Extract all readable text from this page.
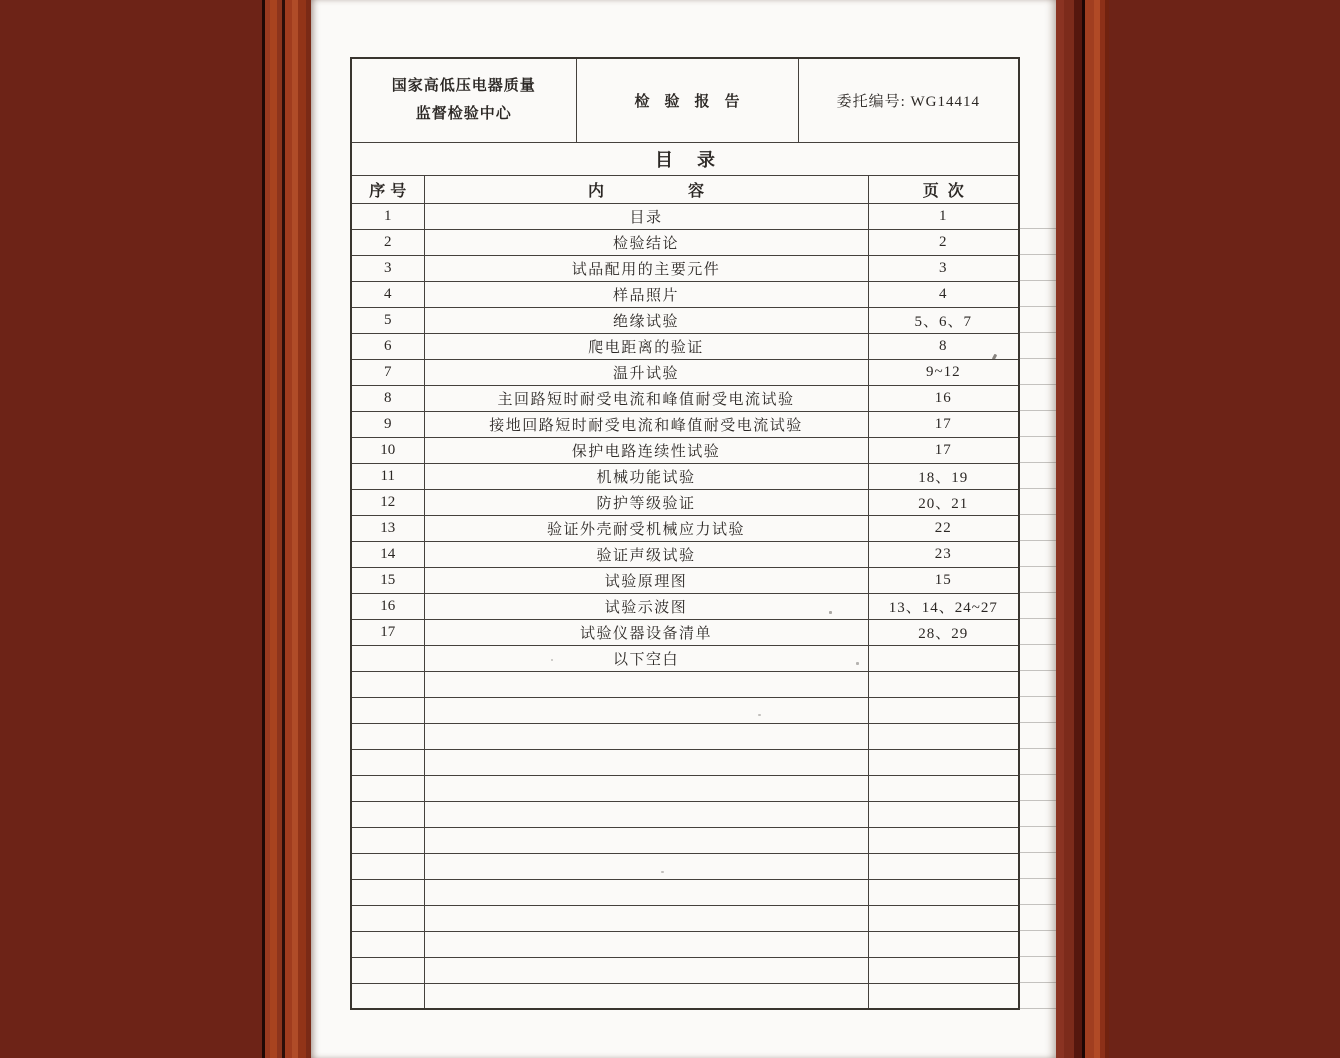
国家高低压电器质量
监督检验中心		检验报告	委托编号: WG14414	
目录				
序号	内容			页次
1	目录			1
2	检验结论			2
3	试品配用的主要元件			3
4	样品照片			4
5	绝缘试验			5、6、7
6	爬电距离的验证			8
7	温升试验			9~12
8	主回路短时耐受电流和峰值耐受电流试验			16
9	接地回路短时耐受电流和峰值耐受电流试验			17
10	保护电路连续性试验			17
11	机械功能试验			18、19
12	防护等级验证			20、21
13	验证外壳耐受机械应力试验			22
14	验证声级试验			23
15	试验原理图			15
16	试验示波图			13、14、24~27
17	试验仪器设备清单			28、29
	以下空白			
